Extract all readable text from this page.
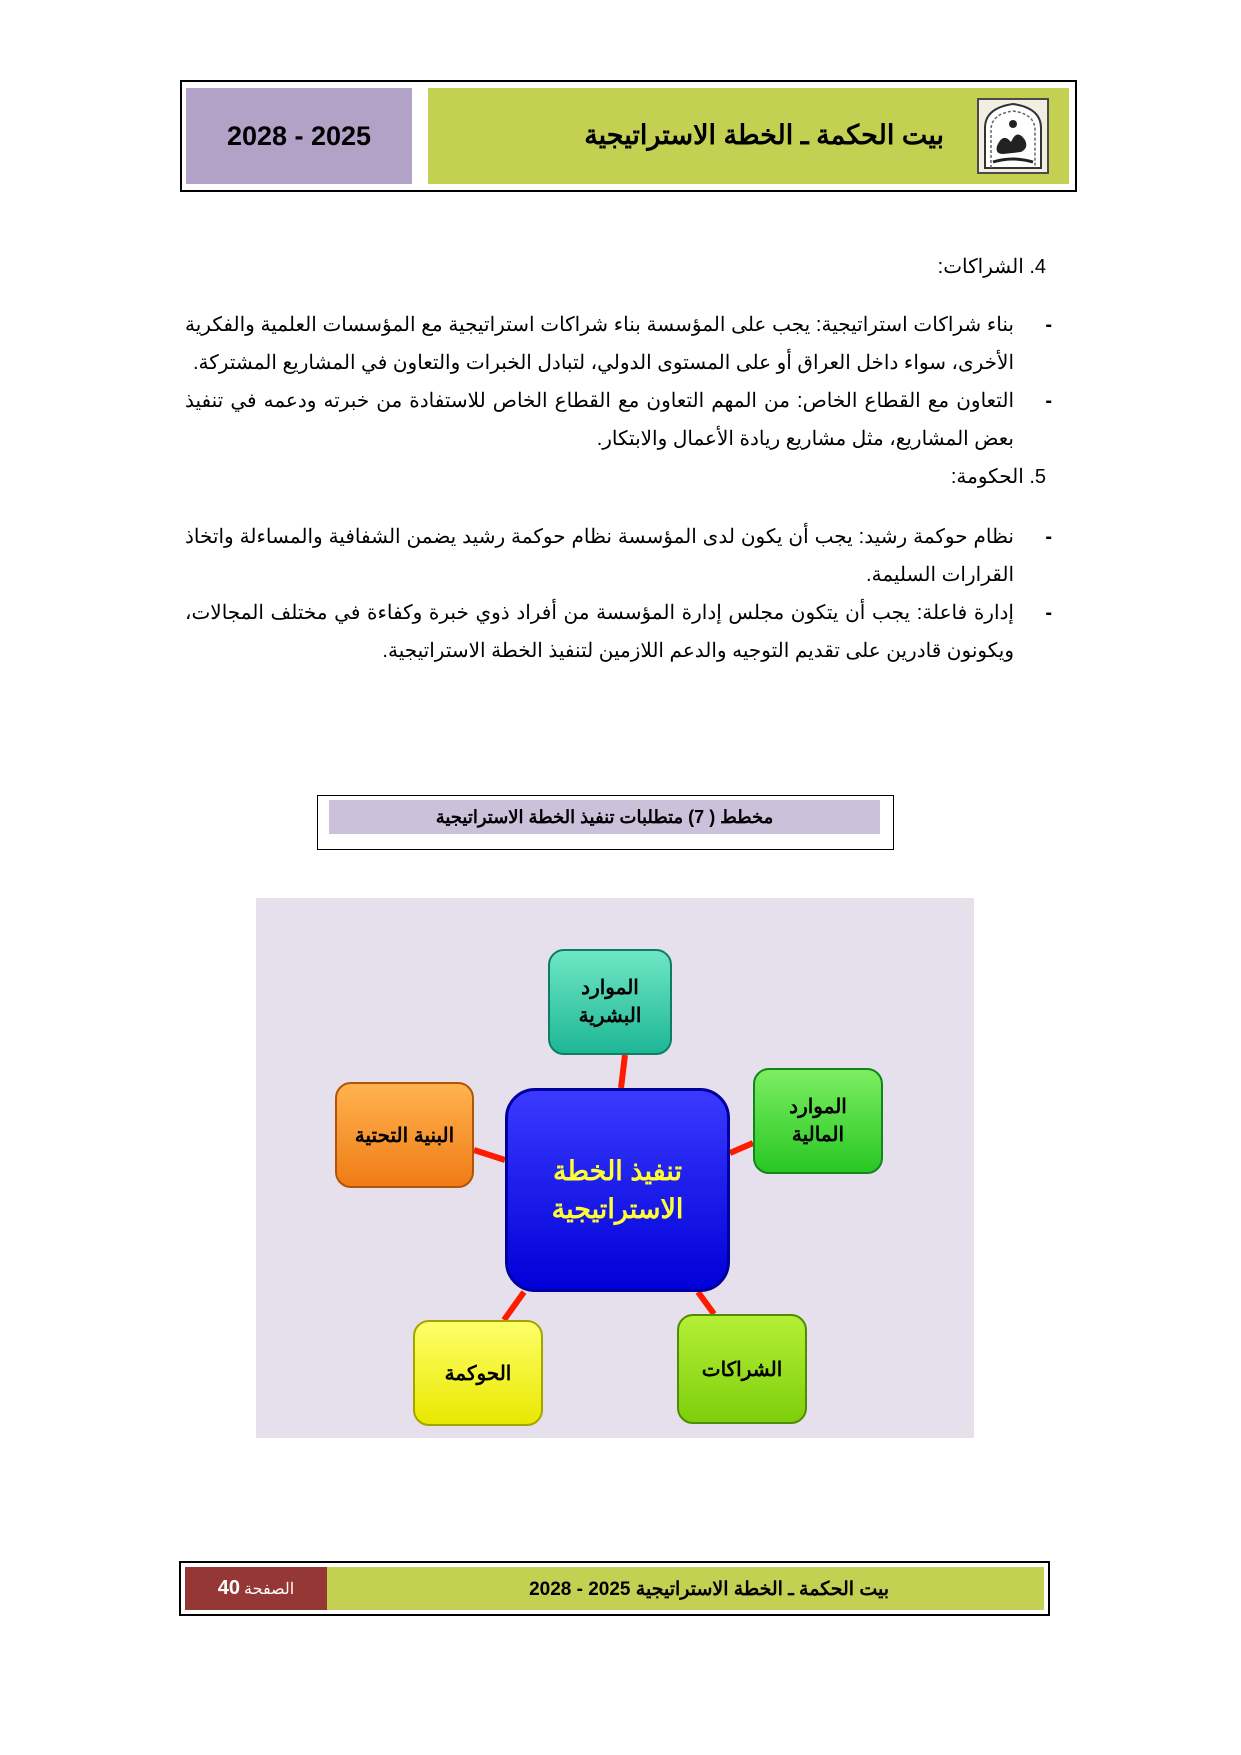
2028 - 2025	بيت الحكمة ـ الخطة الاستراتيجية

4. الشراكات:

-
بناء شراكات استراتيجية: يجب على المؤسسة بناء شراكات استراتيجية مع المؤسسات العلمية والفكرية الأخرى، سواء داخل العراق أو على المستوى الدولي، لتبادل الخبرات والتعاون في المشاريع المشتركة.

-
التعاون مع القطاع الخاص: من المهم التعاون مع القطاع الخاص للاستفادة من خبرته ودعمه في تنفيذ بعض المشاريع، مثل مشاريع ريادة الأعمال والابتكار.

5. الحكومة:

-
نظام حوكمة رشيد: يجب أن يكون لدى المؤسسة نظام حوكمة رشيد يضمن الشفافية والمساءلة واتخاذ القرارات السليمة.

-
إدارة فاعلة: يجب أن يتكون مجلس إدارة المؤسسة من أفراد ذوي خبرة وكفاءة في مختلف المجالات، ويكونون قادرين على تقديم التوجيه والدعم اللازمين لتنفيذ الخطة الاستراتيجية.

مخطط ( 7) متطلبات تنفيذ الخطة الاستراتيجية
الموارد
البشرية
الموارد
المالية
البنية التحتية
تنفيذ الخطة
الاستراتيجية
الحوكمة	الشراكات
الصفحة
40	بيت الحكمة ـ الخطة الاستراتيجية 2025 - 2028
